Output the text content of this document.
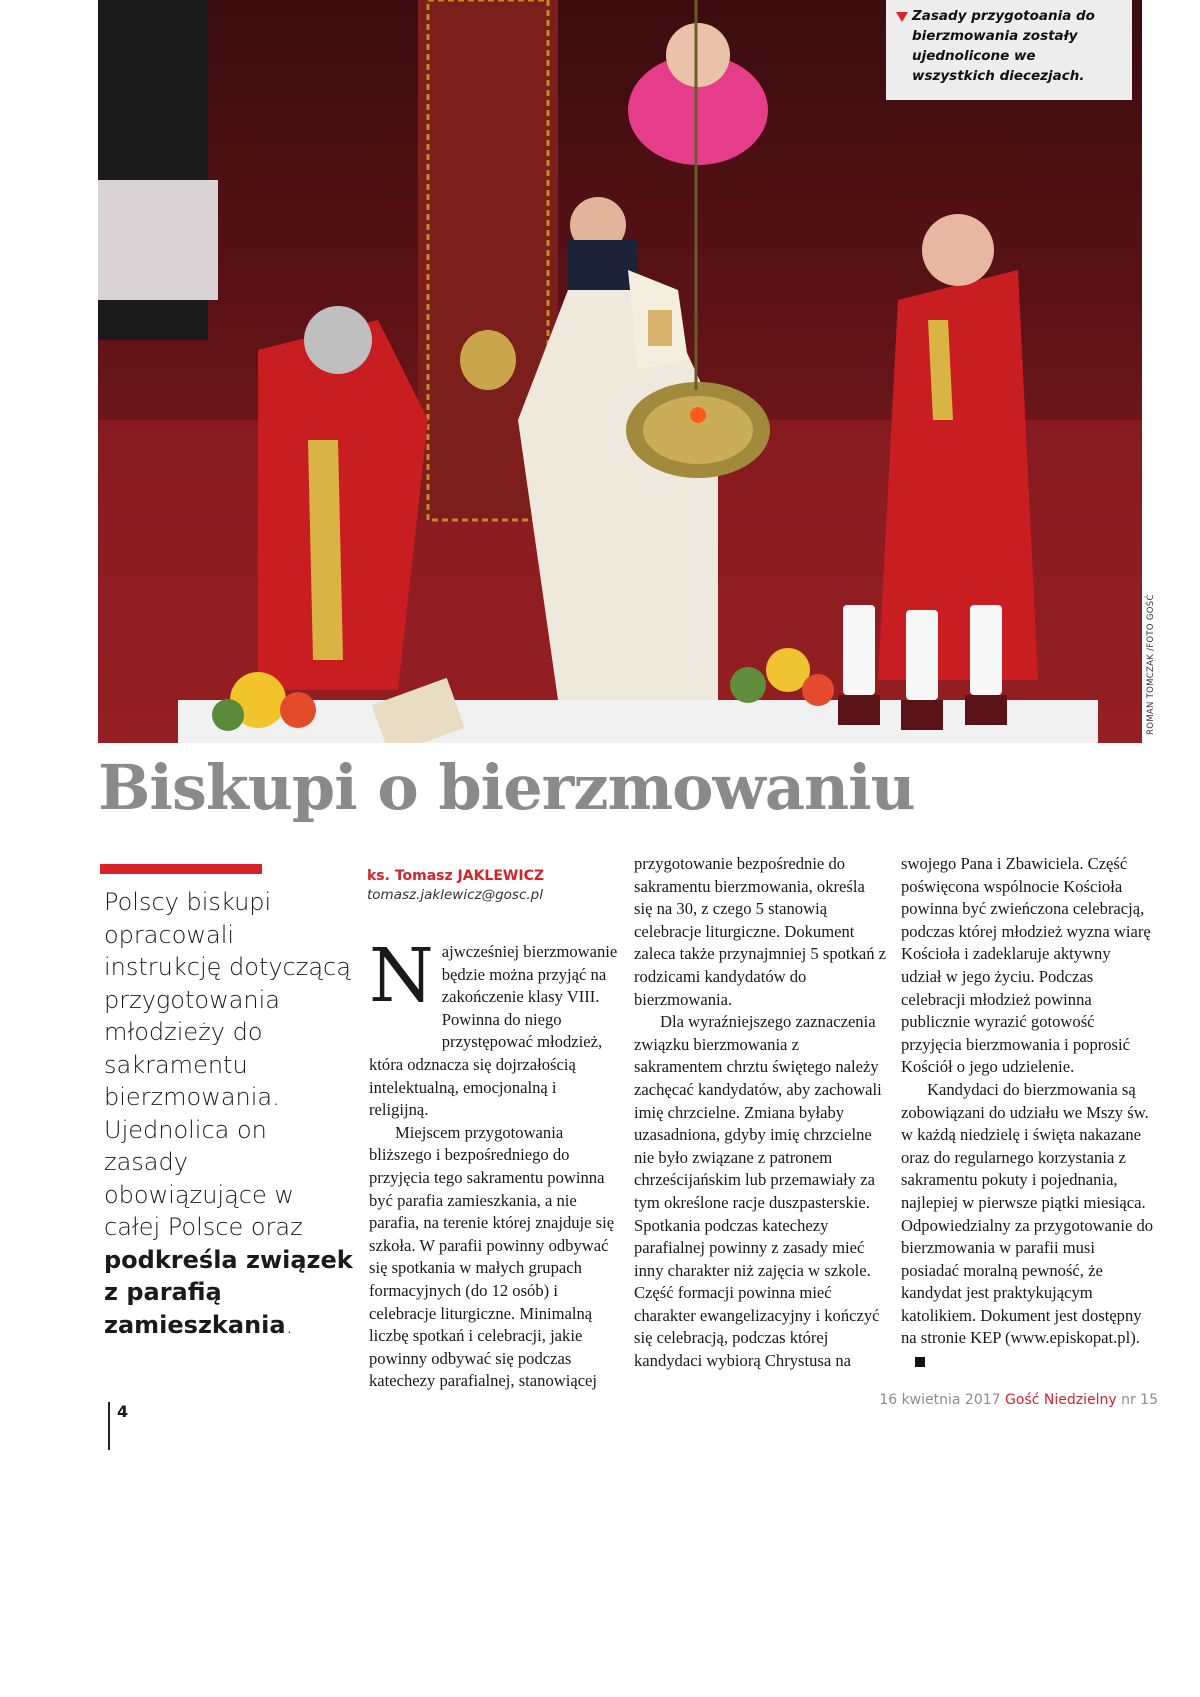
Zasady przygotoania do bierzmowania zostały ujednolicone we wszystkich diecezjach.
ROMAN TOMCZAK /FOTO GOŚĆ
Biskupi o bierzmowaniu
Polscy biskupi opracowali instrukcję dotyczącą przygotowania młodzieży do sakramentu bierzmowania. Ujednolica on zasady obowiązujące w całej Polsce oraz podkreśla związek z parafią zamieszkania.
ks. Tomasz JAKLEWICZ
tomasz.jaklewicz@gosc.pl

Najwcześniej bierzmowanie będzie można przyjąć na zakończenie klasy VIII. Powinna do niego przystępować młodzież, która odznacza się dojrzałością intelektualną, emocjonalną i religijną.

Miejscem przygotowania bliższego i bezpośredniego do przyjęcia tego sakramentu powinna być parafia zamieszkania, a nie parafia, na terenie której znajduje się szkoła. W parafii powinny odbywać się spotkania w małych grupach formacyjnych (do 12 osób) i celebracje liturgiczne. Minimalną liczbę spotkań i celebracji, jakie powinny odbywać się podczas katechezy parafialnej, stanowiącej

przygotowanie bezpośrednie do sakramentu bierzmowania, określa się na 30, z czego 5 stanowią celebracje liturgiczne. Dokument zaleca także przynajmniej 5 spotkań z rodzicami kandydatów do bierzmowania.

Dla wyraźniejszego zaznaczenia związku bierzmowania z sakramentem chrztu świętego należy zachęcać kandydatów, aby zachowali imię chrzcielne. Zmiana byłaby uzasadniona, gdyby imię chrzcielne nie było związane z patronem chrześcijańskim lub przemawiały za tym określone racje duszpasterskie. Spotkania podczas katechezy parafialnej powinny z zasady mieć inny charakter niż zajęcia w szkole. Część formacji powinna mieć charakter ewangelizacyjny i kończyć się celebracją, podczas której kandydaci wybiorą Chrystusa na

swojego Pana i Zbawiciela. Część poświęcona wspólnocie Kościoła powinna być zwieńczona celebracją, podczas której młodzież wyzna wiarę Kościoła i zadeklaruje aktywny udział w jego życiu. Podczas celebracji młodzież powinna publicznie wyrazić gotowość przyjęcia bierzmowania i poprosić Kościół o jego udzielenie.

Kandydaci do bierzmowania są zobowiązani do udziału we Mszy św. w każdą niedzielę i święta nakazane oraz do regularnego korzystania z sakramentu pokuty i pojednania, najlepiej w pierwsze piątki miesiąca. Odpowiedzialny za przygotowanie do bierzmowania w parafii musi posiadać moralną pewność, że kandydat jest praktykującym katolikiem. Dokument jest dostępny na stronie KEP (www.episkopat.pl).

4
16 kwietnia 2017 Gość Niedzielny nr 15
